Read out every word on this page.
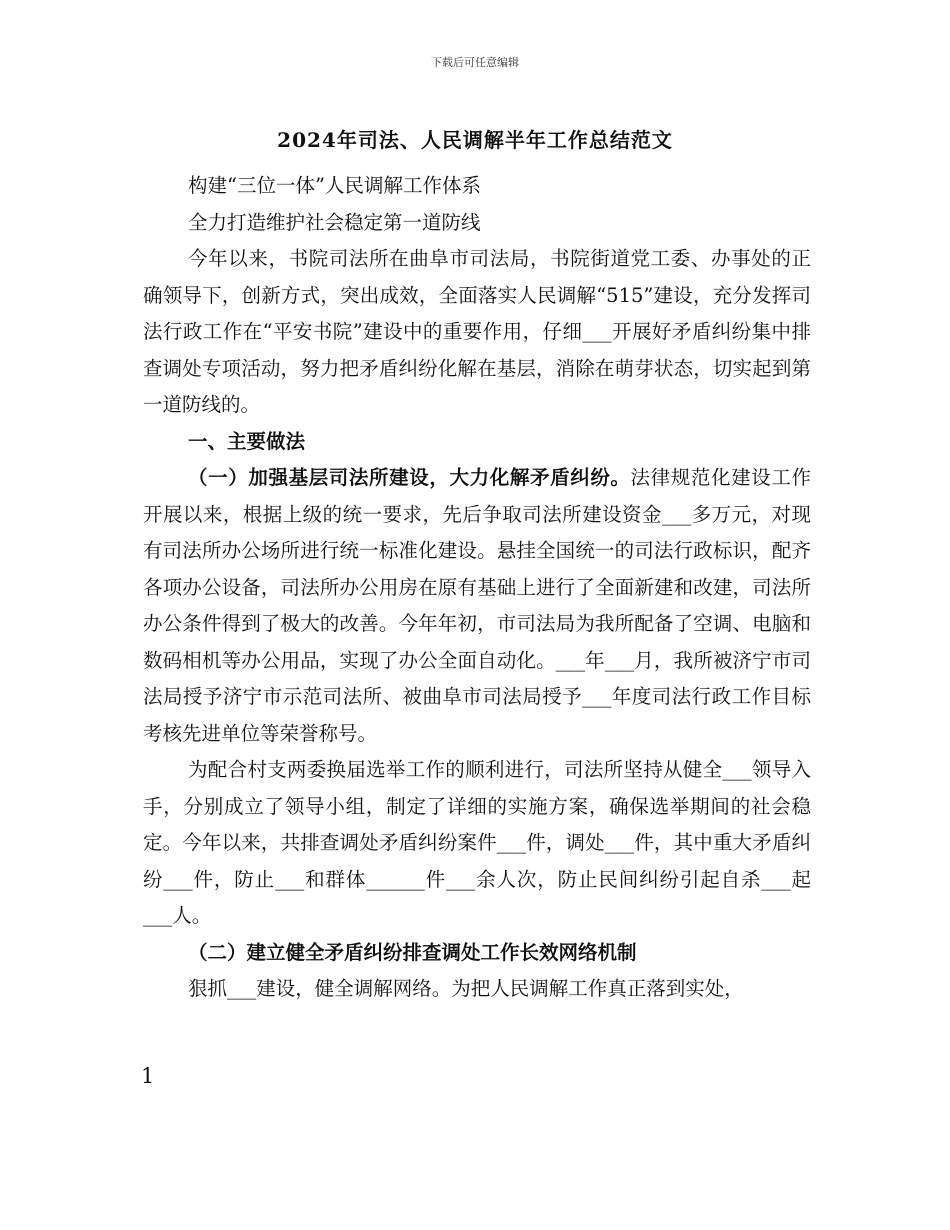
下载后可任意编辑
2024年司法、人民调解半年工作总结范文

构建“三位一体”人民调解工作体系

全力打造维护社会稳定第一道防线

今年以来，书院司法所在曲阜市司法局，书院街道党工委、办事处的正确领导下，创新方式，突出成效，全面落实人民调解“515”建设，充分发挥司法行政工作在“平安书院”建设中的重要作用，仔细___开展好矛盾纠纷集中排查调处专项活动，努力把矛盾纠纷化解在基层，消除在萌芽状态，切实起到第一道防线的。

一、主要做法

（一）加强基层司法所建设，大力化解矛盾纠纷。法律规范化建设工作开展以来，根据上级的统一要求，先后争取司法所建设资金___多万元，对现有司法所办公场所进行统一标准化建设。悬挂全国统一的司法行政标识，配齐各项办公设备，司法所办公用房在原有基础上进行了全面新建和改建，司法所办公条件得到了极大的改善。今年年初，市司法局为我所配备了空调、电脑和数码相机等办公用品，实现了办公全面自动化。___年___月，我所被济宁市司法局授予济宁市示范司法所、被曲阜市司法局授予___年度司法行政工作目标考核先进单位等荣誉称号。

为配合村支两委换届选举工作的顺利进行，司法所坚持从健全___领导入手，分别成立了领导小组，制定了详细的实施方案，确保选举期间的社会稳定。今年以来，共排查调处矛盾纠纷案件___件，调处___件，其中重大矛盾纠纷___件，防止___和群体______件___余人次，防止民间纠纷引起自杀___起___人。

（二）建立健全矛盾纠纷排查调处工作长效网络机制

狠抓___建设，健全调解网络。为把人民调解工作真正落到实处，

1
